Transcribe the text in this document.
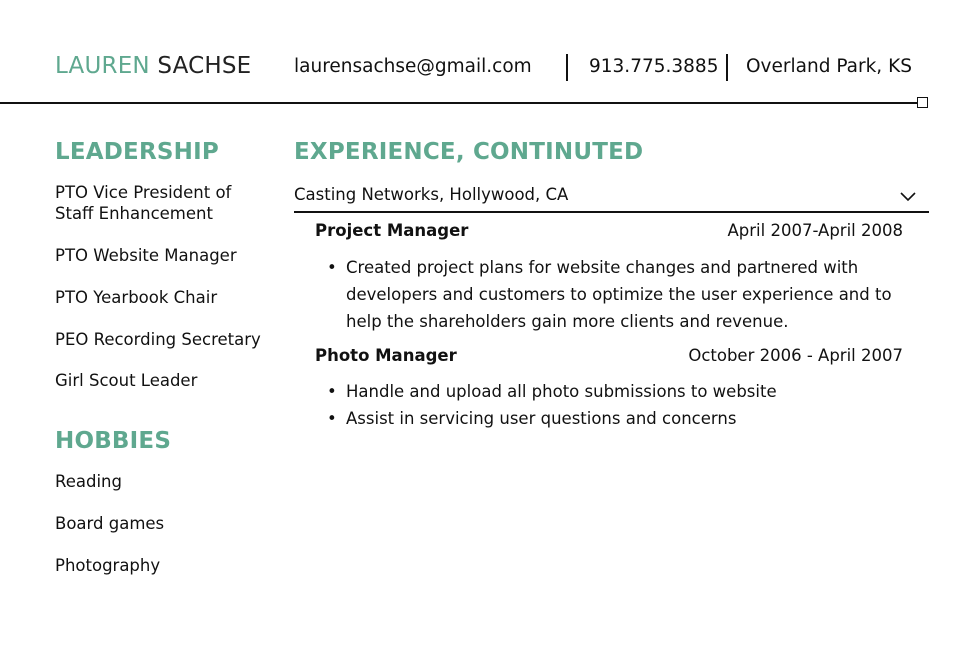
LAUREN SACHSE laurensachse@gmail.com	913.775.3885 Overland Park, KS
LEADERSHIP
PTO Vice President of
Staff Enhancement
PTO Website Manager
PTO Yearbook Chair
PEO Recording Secretary
Girl Scout Leader
HOBBIES
Reading
Board games
Photography
EXPERIENCE, CONTINUTED
Casting Networks, Hollywood, CA
Project Manager	April 2007-April 2008
• Created project plans for website changes and partnered with developers and customers to optimize the user experience and to help the shareholders gain more clients and revenue.
Photo Manager	October 2006 - April 2007
• Handle and upload all photo submissions to website
• Assist in servicing user questions and concerns
